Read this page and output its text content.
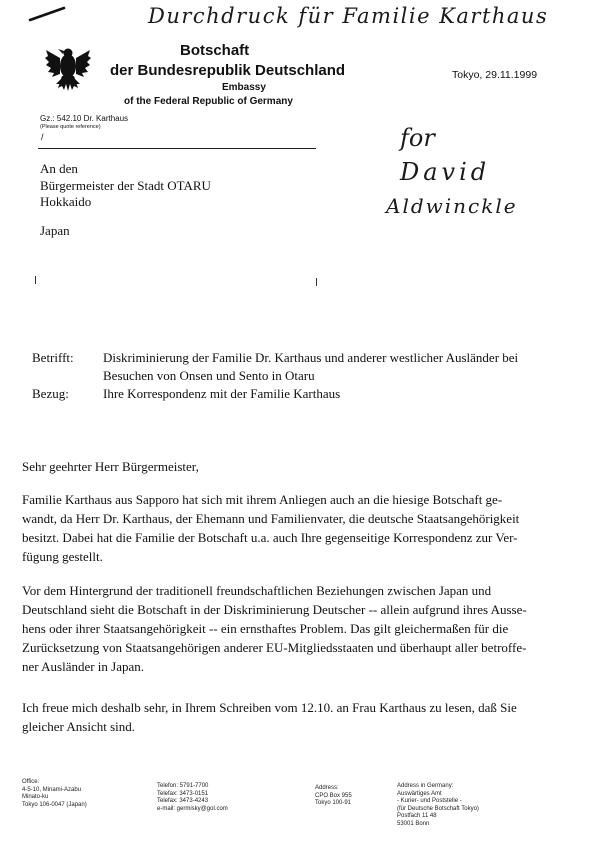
Durchdruck für Familie Karthaus
Botschaft
der Bundesrepublik Deutschland
Embassy
of the Federal Republic of Germany
Tokyo, 29.11.1999
Gz.: 542.10 Dr. Karthaus
(Please quote reference)
/	for
David
Aldwinckle
An den
Bürgermeister der Stadt OTARU
Hokkaido
Japan
Betrifft: Diskriminierung der Familie Dr. Karthaus und anderer westlicher Ausländer bei
Besuchen von Onsen und Sento in Otaru
Bezug:	Ihre Korrespondenz mit der Familie Karthaus
Sehr geehrter Herr Bürgermeister,
Familie Karthaus aus Sapporo hat sich mit ihrem Anliegen auch an die hiesige Botschaft ge-
wandt, da Herr Dr. Karthaus, der Ehemann und Familienvater, die deutsche Staatsangehörigkeit
besitzt. Dabei hat die Familie der Botschaft u.a. auch Ihre gegenseitige Korrespondenz zur Ver-
fügung gestellt.
Vor dem Hintergrund der traditionell freundschaftlichen Beziehungen zwischen Japan und
Deutschland sieht die Botschaft in der Diskriminierung Deutscher -- allein aufgrund ihres Ausse-
hens oder ihrer Staatsangehörigkeit -- ein ernsthaftes Problem. Das gilt gleichermaßen für die
Zurücksetzung von Staatsangehörigen anderer EU-Mitgliedsstaaten und überhaupt aller betroffe-
ner Ausländer in Japan.
Ich freue mich deshalb sehr, in Ihrem Schreiben vom 12.10. an Frau Karthaus zu lesen, daß Sie
gleicher Ansicht sind.
Office:
4-5-10, Minami-Azabu
Minato-ku
Tokyo 106-0047 (Japan)
Telefon: 5791-7700
Telefax: 3473-0151
Telefax: 3473-4243
e-mail: germisky@gol.com
Address:
CPO Box 955
Tokyo 100-91
Address in Germany:
Auswärtiges Amt
- Kurier- und Poststelle -
(für Deutsche Botschaft Tokyo)
Postfach 11 48
53001 Bonn
